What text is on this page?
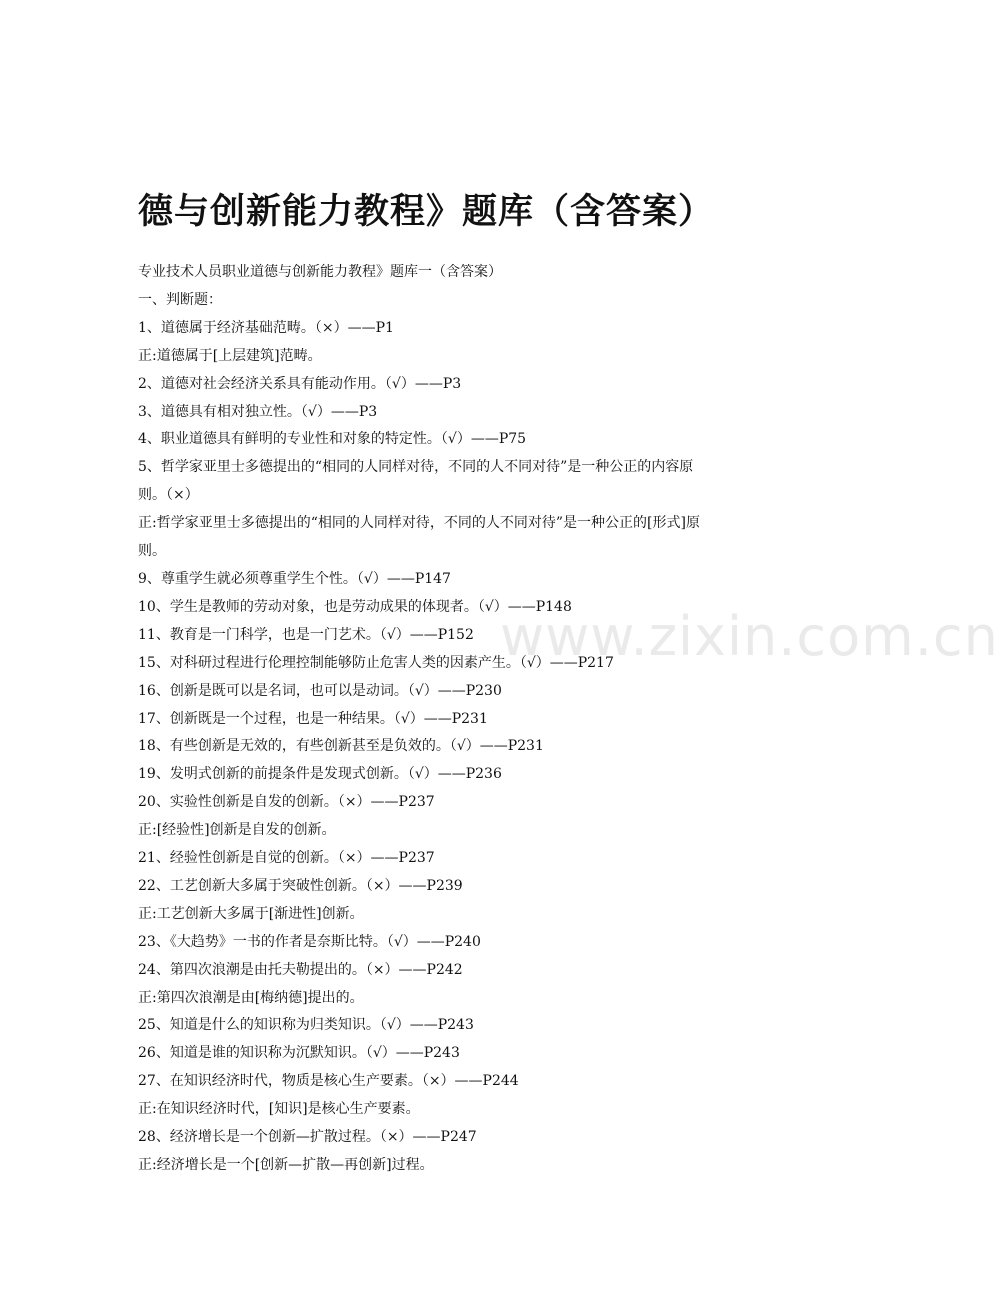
德与创新能力教程》题库（含答案）
专业技术人员职业道德与创新能力教程》题库一（含答案）
一、判断题：
1、道德属于经济基础范畴。（×）——P1
正:道德属于[上层建筑]范畴。
2、道德对社会经济关系具有能动作用。（√）——P3
3、道德具有相对独立性。（√）——P3
4、职业道德具有鲜明的专业性和对象的特定性。（√）——P75
5、哲学家亚里士多德提出的“相同的人同样对待，不同的人不同对待”是一种公正的内容原
则。（×）
正:哲学家亚里士多德提出的“相同的人同样对待，不同的人不同对待”是一种公正的[形式]原
则。
9、尊重学生就必须尊重学生个性。（√）——P147
10、学生是教师的劳动对象，也是劳动成果的体现者。（√）——P148
11、教育是一门科学，也是一门艺术。（√）——P152
15、对科研过程进行伦理控制能够防止危害人类的因素产生。（√）——P217
16、创新是既可以是名词，也可以是动词。（√）——P230
17、创新既是一个过程，也是一种结果。（√）——P231
18、有些创新是无效的，有些创新甚至是负效的。（√）——P231
19、发明式创新的前提条件是发现式创新。（√）——P236
20、实验性创新是自发的创新。（×）——P237
正:[经验性]创新是自发的创新。
21、经验性创新是自觉的创新。（×）——P237
22、工艺创新大多属于突破性创新。（×）——P239
正:工艺创新大多属于[渐进性]创新。
23、《大趋势》一书的作者是奈斯比特。（√）——P240
24、第四次浪潮是由托夫勒提出的。（×）——P242
正:第四次浪潮是由[梅纳德]提出的。
25、知道是什么的知识称为归类知识。（√）——P243
26、知道是谁的知识称为沉默知识。（√）——P243
27、在知识经济时代，物质是核心生产要素。（×）——P244
正:在知识经济时代，[知识]是核心生产要素。
28、经济增长是一个创新—扩散过程。（×）——P247
正:经济增长是一个[创新—扩散—再创新]过程。
www.zixin.com.cn
